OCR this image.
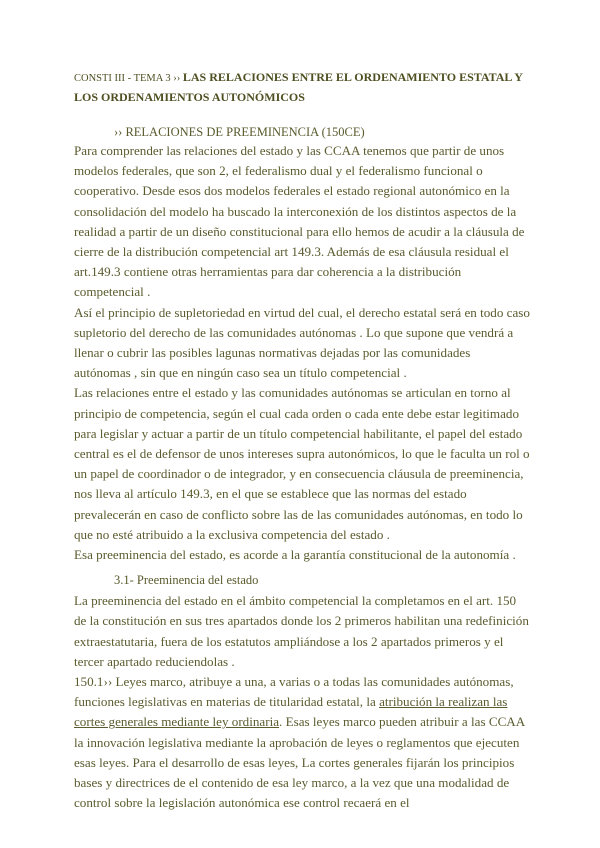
CONSTI III - TEMA 3 ›› LAS RELACIONES ENTRE EL ORDENAMIENTO ESTATAL Y LOS ORDENAMIENTOS AUTONÓMICOS
›› RELACIONES DE PREEMINENCIA (150CE)

Para comprender las relaciones del estado y las CCAA tenemos que partir de unos modelos federales, que son 2, el federalismo dual y el federalismo funcional o cooperativo. Desde esos dos modelos federales el estado regional autonómico en la consolidación del modelo ha buscado la interconexión de los distintos aspectos de la realidad a partir de un diseño constitucional para ello hemos de acudir a la cláusula de cierre de la distribución competencial art 149.3. Además de esa cláusula residual el art.149.3 contiene otras herramientas para dar coherencia a la distribución competencial .

Así el principio de supletoriedad en virtud del cual, el derecho estatal será en todo caso supletorio del derecho de las comunidades autónomas . Lo que supone que vendrá a llenar o cubrir las posibles lagunas normativas dejadas por las comunidades autónomas , sin que en ningún caso sea un título competencial .

Las relaciones entre el estado y las comunidades autónomas se articulan en torno al principio de competencia, según el cual cada orden o cada ente debe estar legitimado para legislar y actuar a partir de un título competencial habilitante, el papel del estado central es el de defensor de unos intereses supra autonómicos, lo que le faculta un rol o un papel de coordinador o de integrador, y en consecuencia cláusula de preeminencia, nos lleva al artículo 149.3, en el que se establece que las normas del estado prevalecerán en caso de conflicto sobre las de las comunidades autónomas, en todo lo que no esté atribuido a la exclusiva competencia del estado .

Esa preeminencia del estado, es acorde a la garantía constitucional de la autonomía .

3.1- Preeminencia del estado

La preeminencia del estado en el ámbito competencial la completamos en el art. 150 de la constitución en sus tres apartados donde los 2 primeros habilitan una redefinición extraestatutaria, fuera de los estatutos ampliándose a los 2 apartados primeros y el tercer apartado reduciendolas .

150.1›› Leyes marco, atribuye a una, a varias o a todas las comunidades autónomas, funciones legislativas en materias de titularidad estatal, la atribución la realizan las cortes generales mediante ley ordinaria. Esas leyes marco pueden atribuir a las CCAA la innovación legislativa mediante la aprobación de leyes o reglamentos que ejecuten esas leyes. Para el desarrollo de esas leyes, La cortes generales fijarán los principios bases y directrices de el contenido de esa ley marco, a la vez que una modalidad de control sobre la legislación autonómica ese control recaerá en el
